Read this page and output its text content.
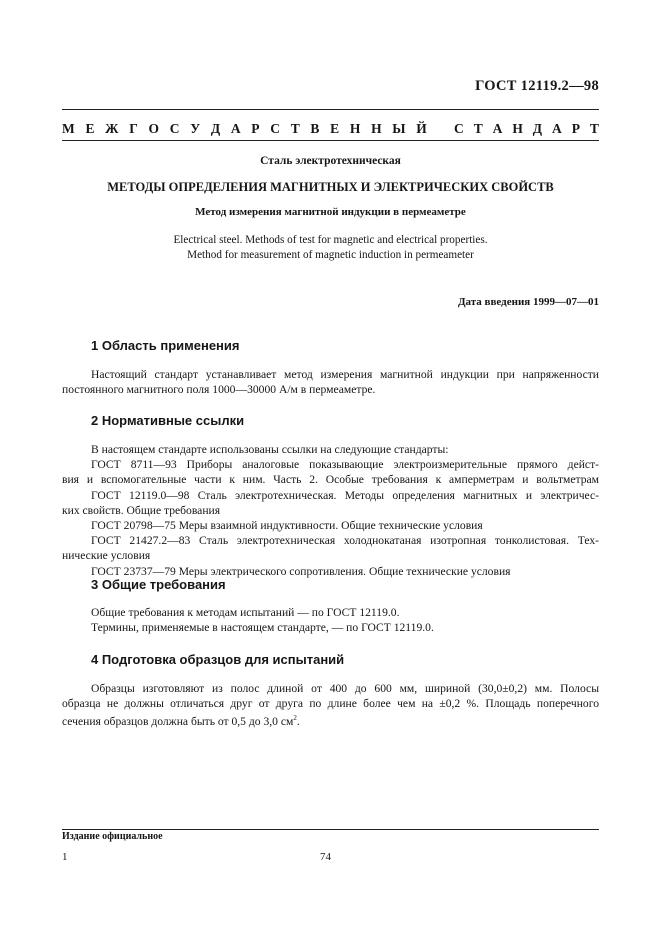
ГОСТ 12119.2—98
М Е Ж Г О С У Д А Р С Т В Е Н Н Ы Й С Т А Н Д А Р Т
Сталь электротехническая
МЕТОДЫ ОПРЕДЕЛЕНИЯ МАГНИТНЫХ И ЭЛЕКТРИЧЕСКИХ СВОЙСТВ
Метод измерения магнитной индукции в пермеаметре
Electrical steel. Methods of test for magnetic and electrical properties.
Method for measurement of magnetic induction in permeameter
Дата введения 1999—07—01
1 Область применения
Настоящий стандарт устанавливает метод измерения магнитной индукции при напряженности
постоянного магнитного поля 1000—30000 А/м в пермеаметре.
2 Нормативные ссылки
В настоящем стандарте использованы ссылки на следующие стандарты:
ГОСТ 8711—93 Приборы аналоговые показывающие электроизмерительные прямого дейст-
вия и вспомогательные части к ним. Часть 2. Особые требования к амперметрам и вольтметрам
ГОСТ 12119.0—98 Сталь электротехническая. Методы определения магнитных и электричес-
ких свойств. Общие требования
ГОСТ 20798—75 Меры взаимной индуктивности. Общие технические условия
ГОСТ 21427.2—83 Сталь электротехническая холоднокатаная изотропная тонколистовая. Тех-
нические условия
ГОСТ 23737—79 Меры электрического сопротивления. Общие технические условия
3 Общие требования
Общие требования к методам испытаний — по ГОСТ 12119.0.
Термины, применяемые в настоящем стандарте, — по ГОСТ 12119.0.
4 Подготовка образцов для испытаний
Образцы изготовляют из полос длиной от 400 до 600 мм, шириной (30,0±0,2) мм. Полосы
образца не должны отличаться друг от друга по длине более чем на ±0,2 %. Площадь поперечного
сечения образцов должна быть от 0,5 до 3,0 $см^2$.
Издание официальное
1	74
